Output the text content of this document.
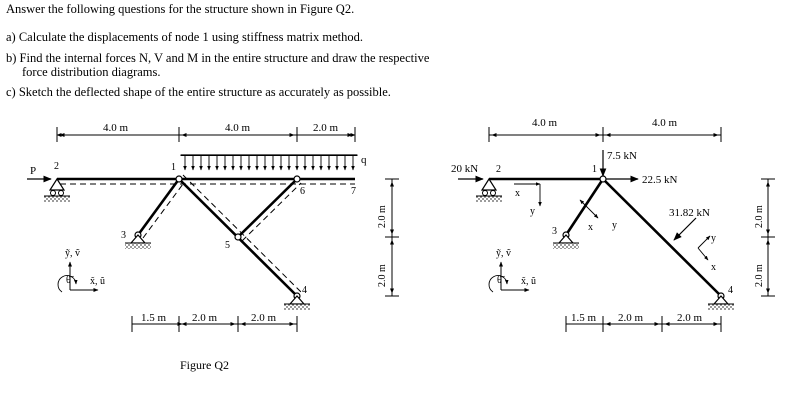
Answer the following questions for the structure shown in Figure Q2.
a) Calculate the displacements of node 1 using stiffness matrix method.
b) Find the internal forces N, V and M in the entire structure and draw the respective
force distribution diagrams.
c) Sketch the deflected shape of the entire structure as accurately as possible.
4.0 m	4.0 m	2.0 m
q
P 2	1
6	7
3
5
4
ỹ, ṽ
θ̃	x̃, ũ
2.0 m
2.0 m
1.5 m 2.0 m	2.0 m
Figure Q2
4.0 m	4.0 m
20 kN 2	1
7.5 kN
22.5 kN
31.82 kN
x
y
3	x y
y
x
4
ỹ, ṽ
θ̃	x̃, ũ
2.0 m
2.0 m
1.5 m 2.0 m	2.0 m
